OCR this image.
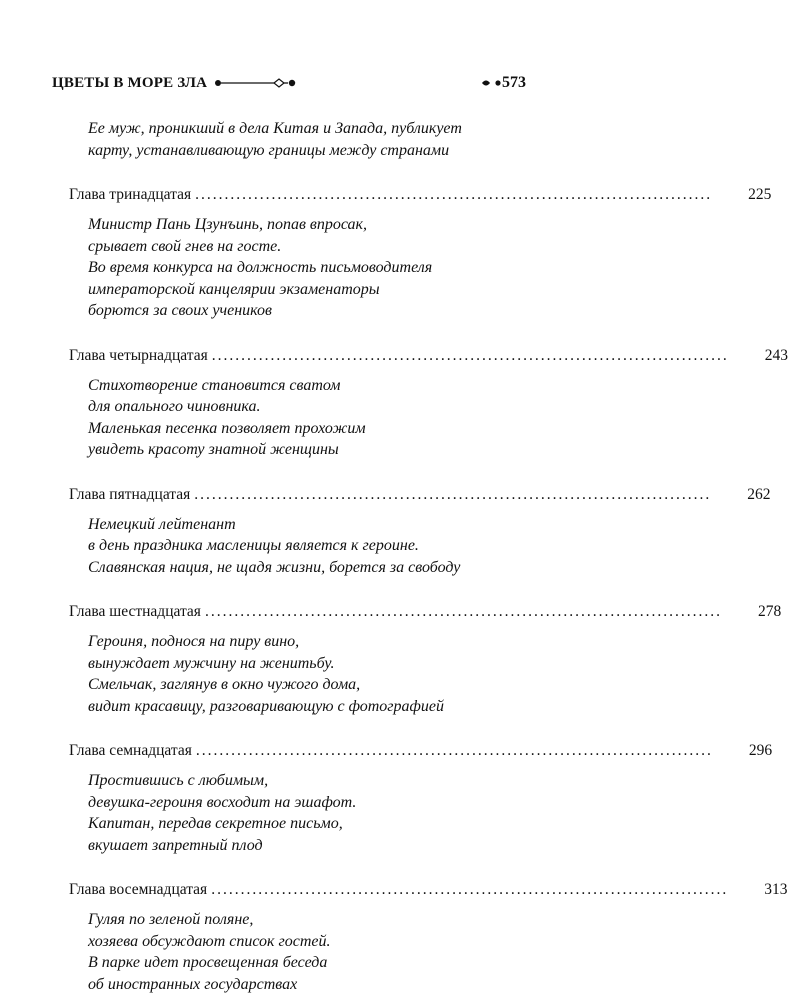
ЦВЕТЫ В МОРЕ ЗЛА	573
Ее муж, проникший в дела Китая и Запада, публикует
карту, устанавливающую границы между странами
Глава тринадцатая ........................................................................................ 225
Министр Пань Цзунъинь, попав впросак,
срывает свой гнев на госте.
Во время конкурса на должность письмоводителя
императорской канцелярии экзаменаторы
борются за своих учеников
Глава четырнадцатая ........................................................................................ 243
Стихотворение становится сватом
для опального чиновника.
Маленькая песенка позволяет прохожим
увидеть красоту знатной женщины
Глава пятнадцатая ........................................................................................ 262
Немецкий лейтенант
в день праздника масленицы является к героине.
Славянская нация, не щадя жизни, борется за свободу
Глава шестнадцатая ........................................................................................ 278
Героиня, поднося на пиру вино,
вынуждает мужчину на женитьбу.
Смельчак, заглянув в окно чужого дома,
видит красавицу, разговаривающую с фотографией
Глава семнадцатая ........................................................................................ 296
Простившись с любимым,
девушка-героиня восходит на эшафот.
Капитан, передав секретное письмо,
вкушает запретный плод
Глава восемнадцатая ........................................................................................ 313
Гуляя по зеленой поляне,
хозяева обсуждают список гостей.
В парке идет просвещенная беседа
об иностранных государствах
